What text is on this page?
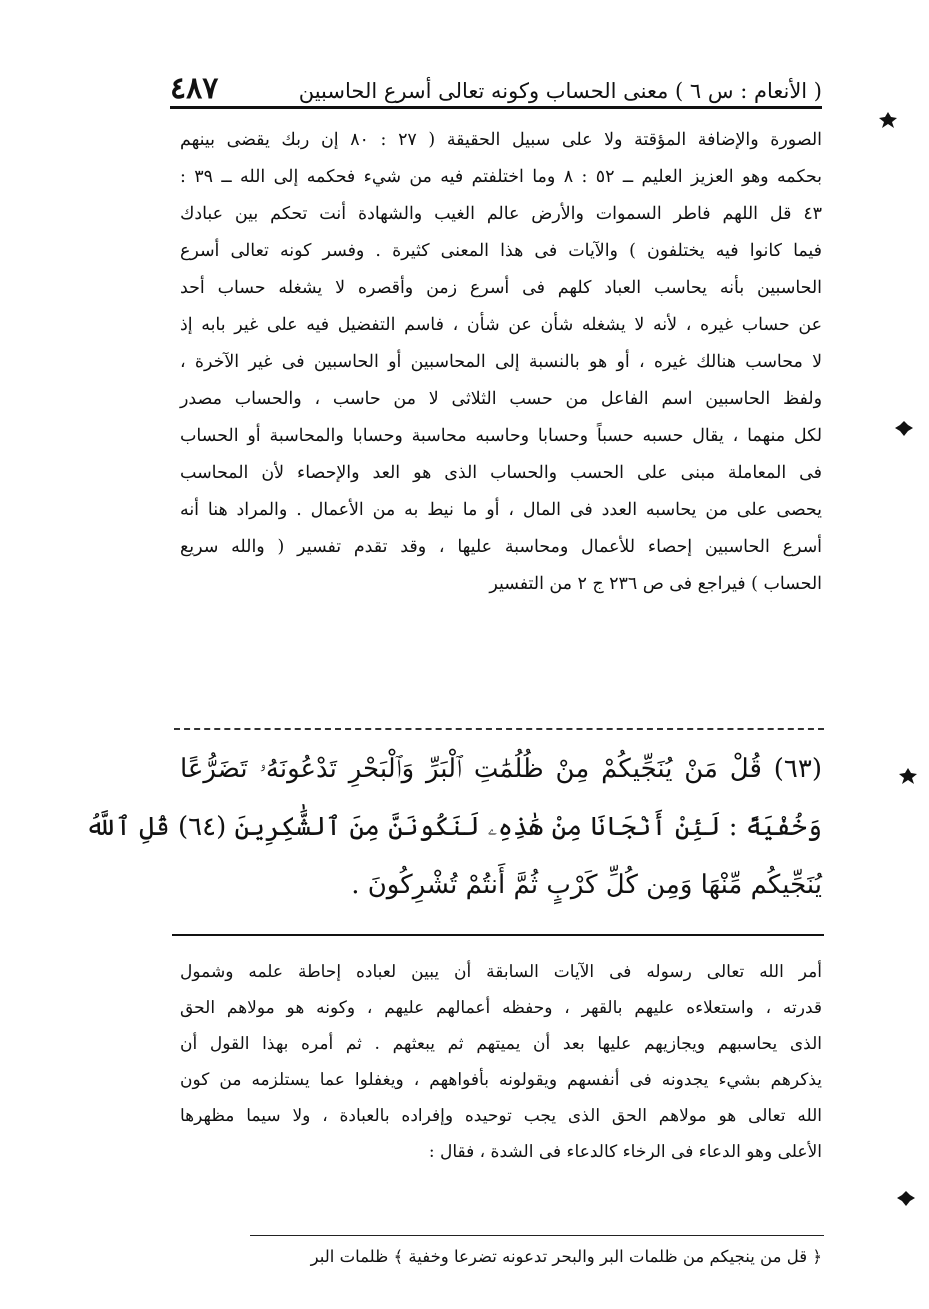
( الأنعام : س ٦ ) معنى الحساب وكونه تعالى أسرع الحاسبين
٤٨٧
الصورة والإضافة المؤقتة ولا على سبيل الحقيقة ( ٢٧ : ٨٠ إن ربك يقضى بينهم
بحكمه وهو العزيز العليم ــ ٥٢ : ٨ وما اختلفتم فيه من شيء فحكمه إلى الله ــ ٣٩ :
٤٣ قل اللهم فاطر السموات والأرض عالم الغيب والشهادة أنت تحكم بين عبادك
فيما كانوا فيه يختلفون ) والآيات فى هذا المعنى كثيرة . وفسر كونه تعالى أسرع
الحاسبين بأنه يحاسب العباد كلهم فى أسرع زمن وأقصره لا يشغله حساب أحد
عن حساب غيره ، لأنه لا يشغله شأن عن شأن ، فاسم التفضيل فيه على غير بابه إذ
لا محاسب هنالك غيره ، أو هو بالنسبة إلى المحاسبين أو الحاسبين فى غير الآخرة ،
ولفظ الحاسبين اسم الفاعل من حسب الثلاثى لا من حاسب ، والحساب مصدر
لكل منهما ، يقال حسبه حسباً وحسابا وحاسبه محاسبة وحسابا والمحاسبة أو الحساب
فى المعاملة مبنى على الحسب والحساب الذى هو العد والإحصاء لأن المحاسب
يحصى على من يحاسبه العدد فى المال ، أو ما نيط به من الأعمال . والمراد هنا أنه
أسرع الحاسبين إحصاء للأعمال ومحاسبة عليها ، وقد تقدم تفسير ( والله سريع
الحساب ) فيراجع فى ص ٢٣٦ ج ٢ من التفسير
(٦٣) قُلْ مَنْ يُنَجِّيكُمْ مِنْ ظُلُمَٰتِ ٱلْبَرِّ وَٱلْبَحْرِ تَدْعُونَهُۥ تَضَرُّعًا
وَخُفْيَةً : لَئِنْ أَنْجَانَا مِنْ هَٰذِهِۦ لَنَكُونَنَّ مِنَ ٱلشَّٰكِرِينَ (٦٤) قُلِ ٱللَّهُ
يُنَجِّيكُم مِّنْهَا وَمِن كُلِّ كَرْبٍ ثُمَّ أَنتُمْ تُشْرِكُونَ .
أمر الله تعالى رسوله فى الآيات السابقة أن يبين لعباده إحاطة علمه وشمول
قدرته ، واستعلاءه عليهم بالقهر ، وحفظه أعمالهم عليهم ، وكونه هو مولاهم الحق
الذى يحاسبهم ويجازيهم عليها بعد أن يميتهم ثم يبعثهم . ثم أمره بهذا القول أن
يذكرهم بشيء يجدونه فى أنفسهم ويقولونه بأفواههم ، ويغفلوا عما يستلزمه من كون
الله تعالى هو مولاهم الحق الذى يجب توحيده وإفراده بالعبادة ، ولا سيما مظهرها
الأعلى وهو الدعاء فى الرخاء كالدعاء فى الشدة ، فقال :
﴿ قل من ينجيكم من ظلمات البر والبحر تدعونه تضرعا وخفية ﴾ ظلمات البر
